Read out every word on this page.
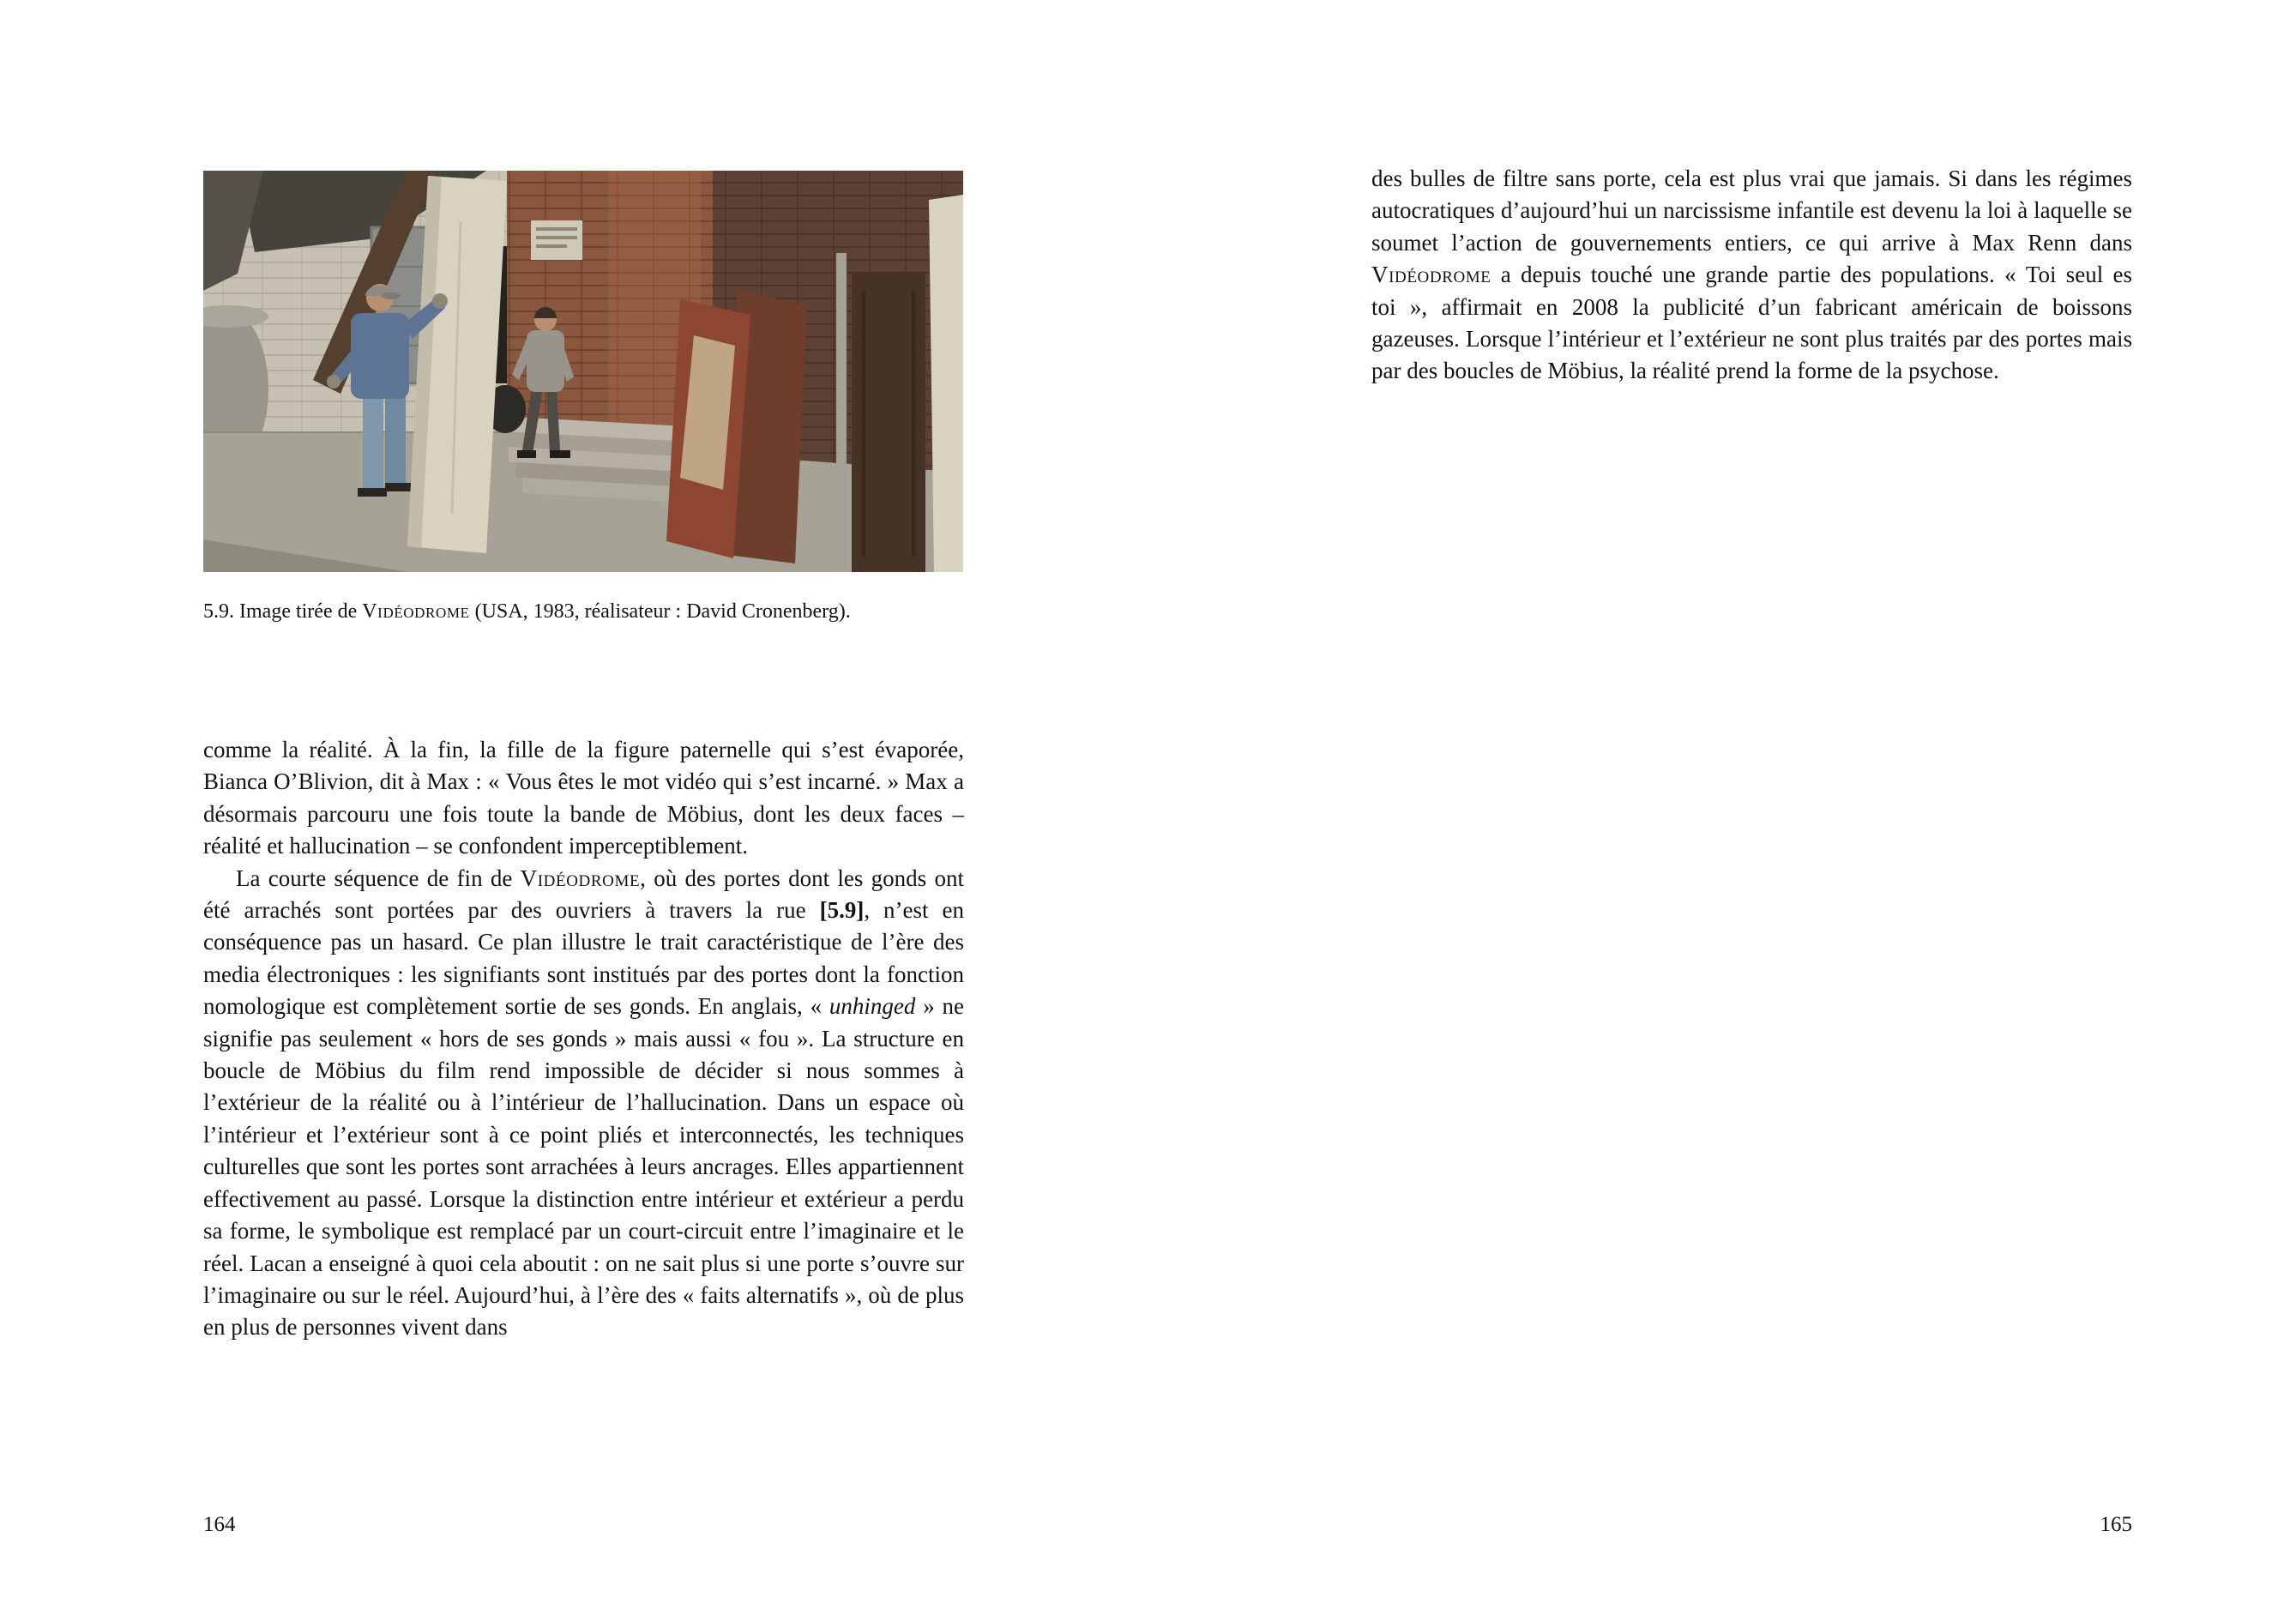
5.9. Image tirée de Vidéodrome (USA, 1983, réalisateur : David Cronenberg).

comme la réalité. À la fin, la fille de la figure paternelle qui s’est évaporée, Bianca O’Blivion, dit à Max : « Vous êtes le mot vidéo qui s’est incarné. » Max a désormais parcouru une fois toute la bande de Möbius, dont les deux faces – réalité et hallucination – se confondent imperceptiblement.

La courte séquence de fin de Vidéodrome, où des portes dont les gonds ont été arrachés sont portées par des ouvriers à travers la rue [5.9], n’est en conséquence pas un hasard. Ce plan illustre le trait caractéristique de l’ère des media électroniques : les signifiants sont institués par des portes dont la fonction nomologique est complètement sortie de ses gonds. En anglais, « unhinged » ne signifie pas seulement « hors de ses gonds » mais aussi « fou ». La structure en boucle de Möbius du film rend impossible de décider si nous sommes à l’extérieur de la réalité ou à l’intérieur de l’hallucination. Dans un espace où l’intérieur et l’extérieur sont à ce point pliés et interconnectés, les techniques culturelles que sont les portes sont arrachées à leurs ancrages. Elles appartiennent effectivement au passé. Lorsque la distinction entre intérieur et extérieur a perdu sa forme, le symbolique est remplacé par un court-circuit entre l’imaginaire et le réel. Lacan a enseigné à quoi cela aboutit : on ne sait plus si une porte s’ouvre sur l’imaginaire ou sur le réel. Aujourd’hui, à l’ère des « faits alternatifs », où de plus en plus de personnes vivent dans

164

des bulles de filtre sans porte, cela est plus vrai que jamais. Si dans les régimes autocratiques d’aujourd’hui un narcissisme infantile est devenu la loi à laquelle se soumet l’action de gouvernements entiers, ce qui arrive à Max Renn dans Vidéodrome a depuis touché une grande partie des populations. « Toi seul es toi », affirmait en 2008 la publicité d’un fabricant américain de boissons gazeuses. Lorsque l’intérieur et l’extérieur ne sont plus traités par des portes mais par des boucles de Möbius, la réalité prend la forme de la psychose.

165
